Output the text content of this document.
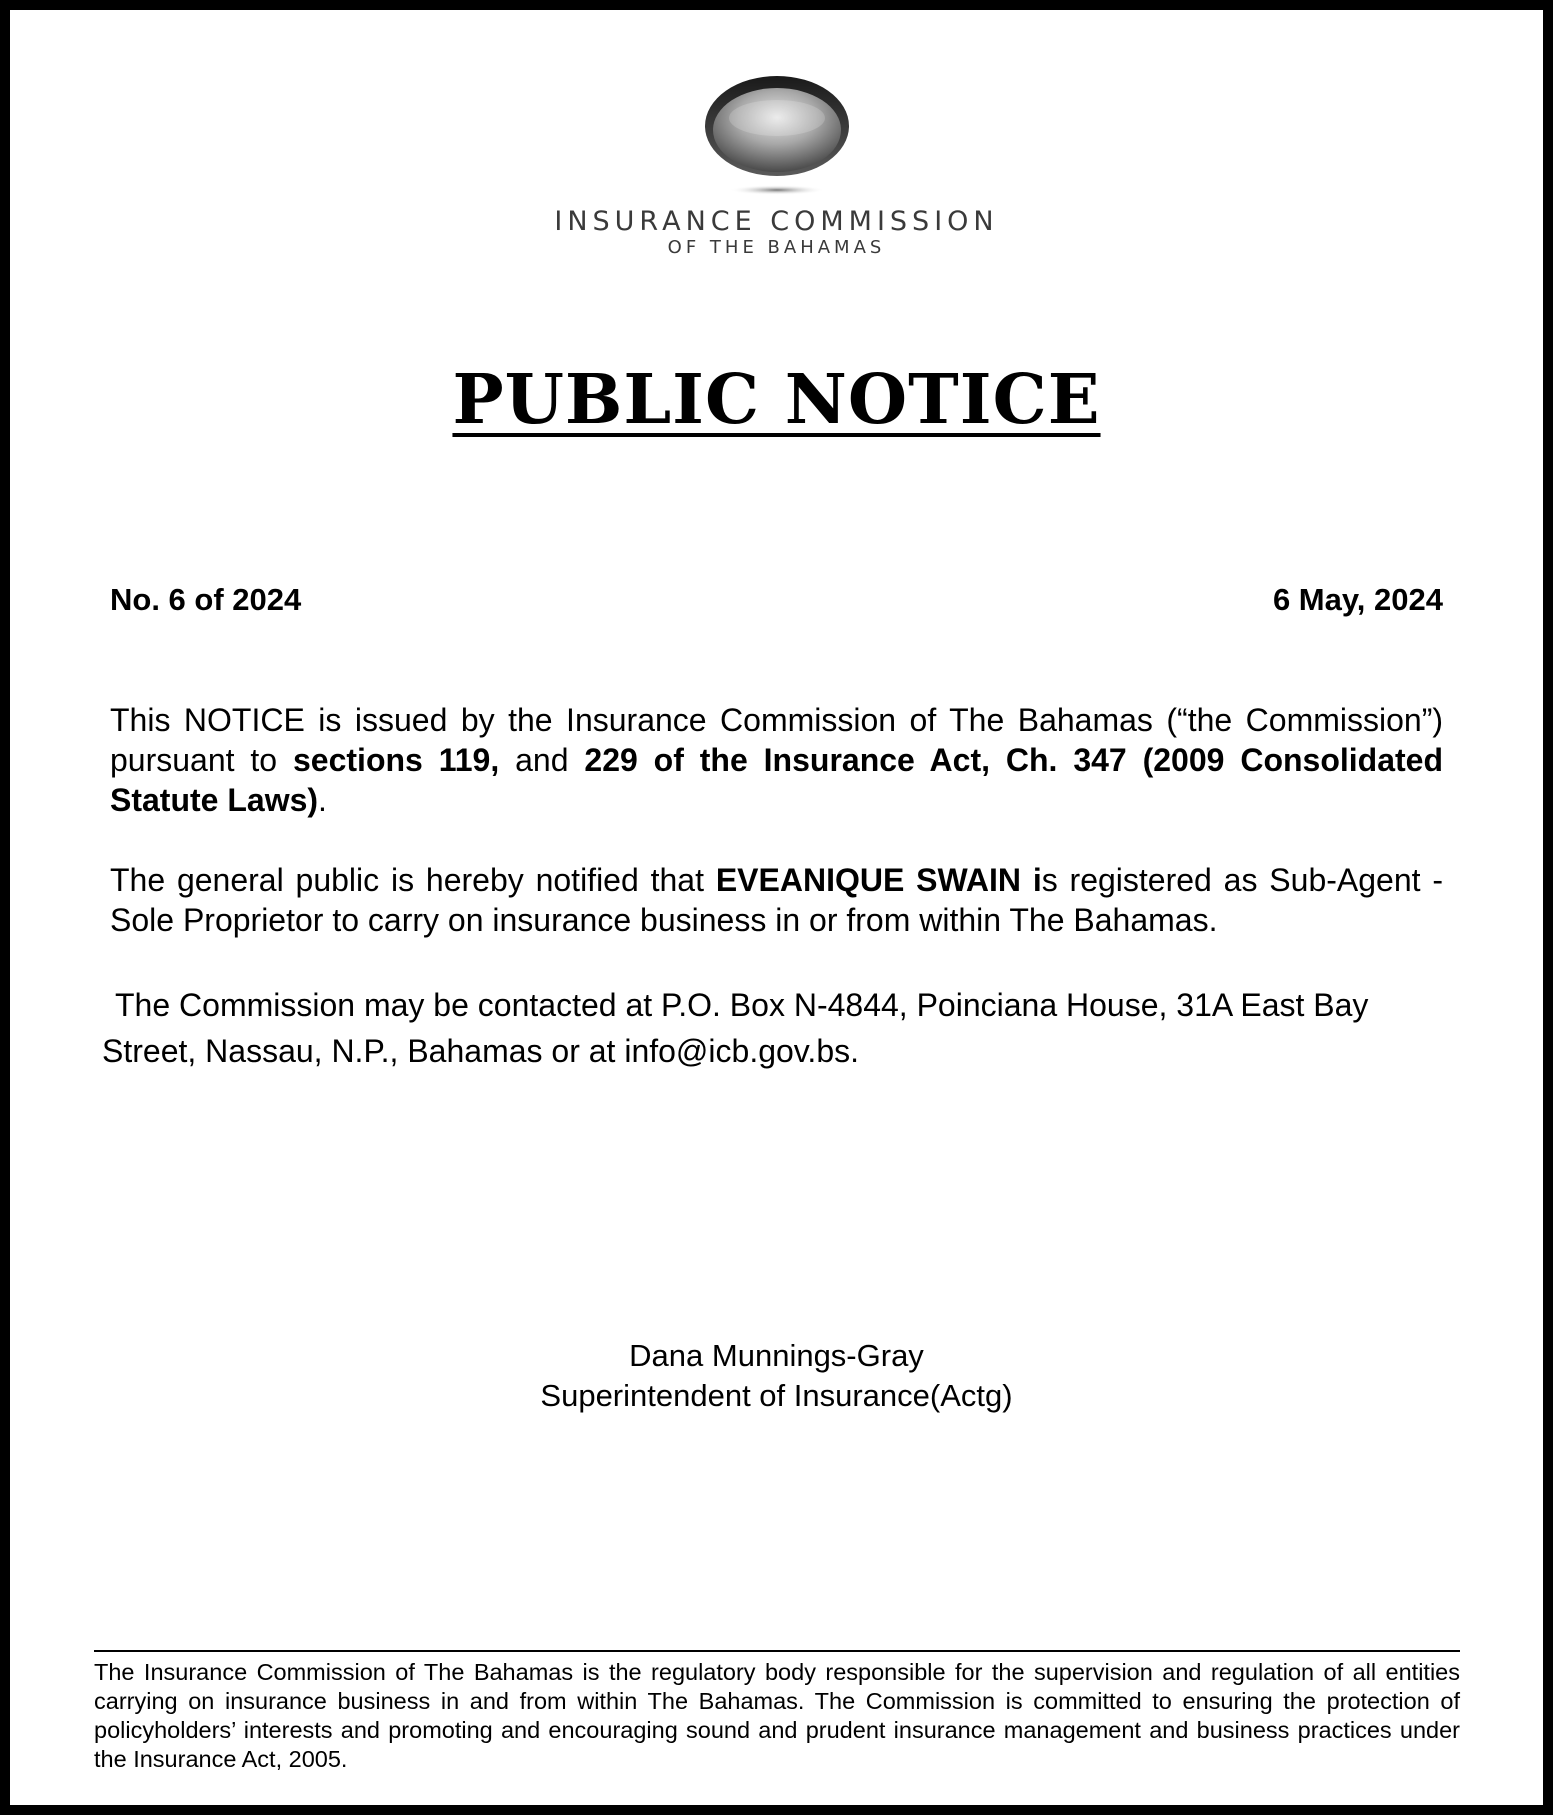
INSURANCE COMMISSION
OF THE BAHAMAS
PUBLIC NOTICE
No. 6 of 2024	6 May, 2024
This NOTICE is issued by the Insurance Commission of The Bahamas (“the Commission”) pursuant to sections 119, and 229 of the Insurance Act, Ch. 347 (2009 Consolidated Statute Laws).
The general public is hereby notified that EVEANIQUE SWAIN is registered as Sub-Agent - Sole Proprietor to carry on insurance business in or from within The Bahamas.
The Commission may be contacted at P.O. Box N-4844, Poinciana House, 31A East Bay
Street, Nassau, N.P., Bahamas or at info@icb.gov.bs.
Dana Munnings-Gray
Superintendent of Insurance(Actg)
The Insurance Commission of The Bahamas is the regulatory body responsible for the supervision and regulation of all entities carrying on insurance business in and from within The Bahamas. The Commission is committed to ensuring the protection of policyholders’ interests and promoting and encouraging sound and prudent insurance management and business practices under the Insurance Act, 2005.
